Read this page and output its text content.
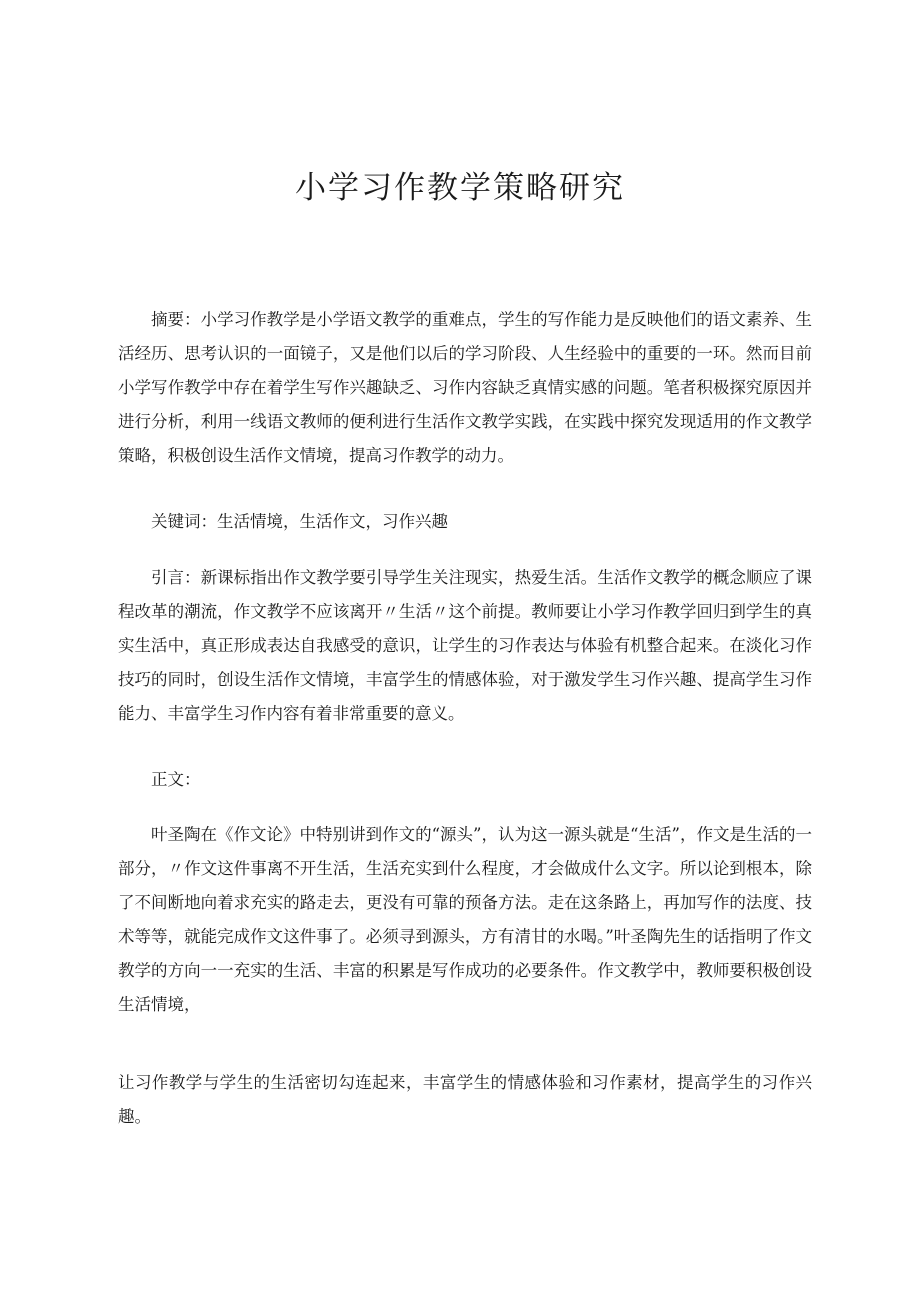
小学习作教学策略研究

摘要：小学习作教学是小学语文教学的重难点，学生的写作能力是反映他们的语文素养、生活经历、思考认识的一面镜子，又是他们以后的学习阶段、人生经验中的重要的一环。然而目前小学写作教学中存在着学生写作兴趣缺乏、习作内容缺乏真情实感的问题。笔者积极探究原因并进行分析，利用一线语文教师的便利进行生活作文教学实践，在实践中探究发现适用的作文教学策略，积极创设生活作文情境，提高习作教学的动力。

关键词：生活情境，生活作文，习作兴趣

引言：新课标指出作文教学要引导学生关注现实，热爱生活。生活作文教学的概念顺应了课程改革的潮流，作文教学不应该离开〃生活〃这个前提。教师要让小学习作教学回归到学生的真实生活中，真正形成表达自我感受的意识，让学生的习作表达与体验有机整合起来。在淡化习作技巧的同时，创设生活作文情境，丰富学生的情感体验，对于激发学生习作兴趣、提高学生习作能力、丰富学生习作内容有着非常重要的意义。

正文：

叶圣陶在《作文论》中特别讲到作文的“源头”，认为这一源头就是“生活”，作文是生活的一部分，〃作文这件事离不开生活，生活充实到什么程度，才会做成什么文字。所以论到根本，除了不间断地向着求充实的路走去，更没有可靠的预备方法。走在这条路上，再加写作的法度、技术等等，就能完成作文这件事了。必须寻到源头，方有清甘的水喝。”叶圣陶先生的话指明了作文教学的方向一一充实的生活、丰富的积累是写作成功的必要条件。作文教学中，教师要积极创设生活情境，

让习作教学与学生的生活密切勾连起来，丰富学生的情感体验和习作素材，提高学生的习作兴趣。
